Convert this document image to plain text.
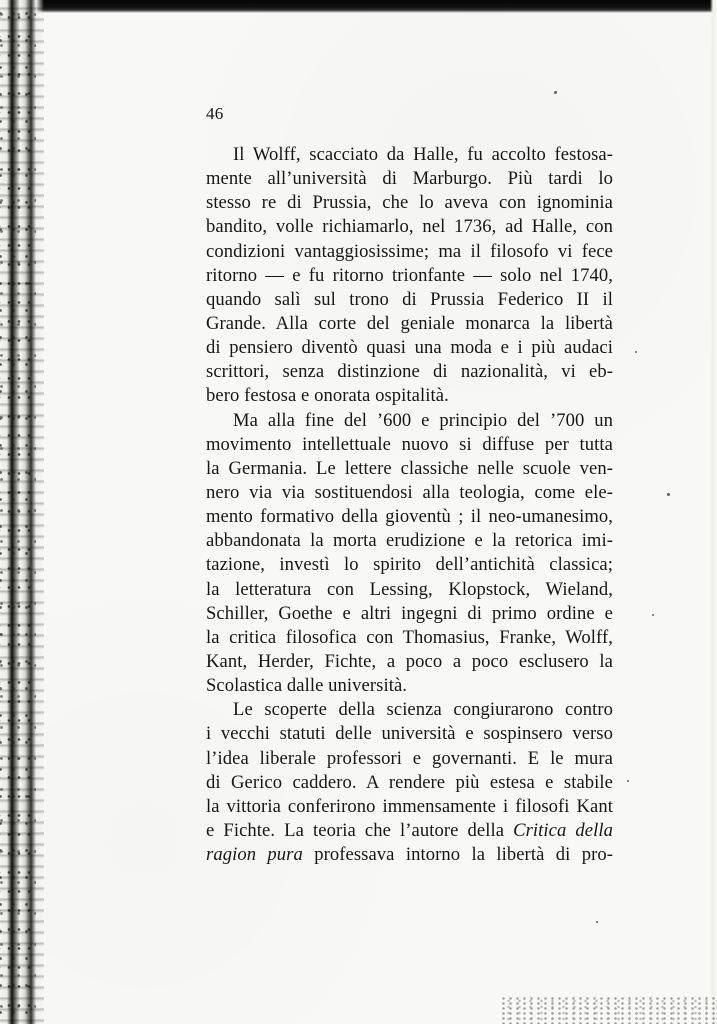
46
Il Wolff, scacciato da Halle, fu accolto festosa-
mente all’università di Marburgo. Più tardi lo
stesso re di Prussia, che lo aveva con ignominia
bandito, volle richiamarlo, nel 1736, ad Halle, con
condizioni vantaggiosissime; ma il filosofo vi fece
ritorno — e fu ritorno trionfante — solo nel 1740,
quando salì sul trono di Prussia Federico II il
Grande. Alla corte del geniale monarca la libertà
di pensiero diventò quasi una moda e i più audaci
scrittori, senza distinzione di nazionalità, vi eb-
bero festosa e onorata ospitalità.
Ma alla fine del ’600 e principio del ’700 un
movimento intellettuale nuovo si diffuse per tutta
la Germania. Le lettere classiche nelle scuole ven-
nero via via sostituendosi alla teologia, come ele-
mento formativo della gioventù ; il neo-umanesimo,
abbandonata la morta erudizione e la retorica imi-
tazione, investì lo spirito dell’antichità classica;
la letteratura con Lessing, Klopstock, Wieland,
Schiller, Goethe e altri ingegni di primo ordine e
la critica filosofica con Thomasius, Franke, Wolff,
Kant, Herder, Fichte, a poco a poco esclusero la
Scolastica dalle università.
Le scoperte della scienza congiurarono contro
i vecchi statuti delle università e sospinsero verso
l’idea liberale professori e governanti. E le mura
di Gerico caddero. A rendere più estesa e stabile
la vittoria conferirono immensamente i filosofi Kant
e Fichte. La teoria che l’autore della Critica della
ragion pura professava intorno la libertà di pro-
